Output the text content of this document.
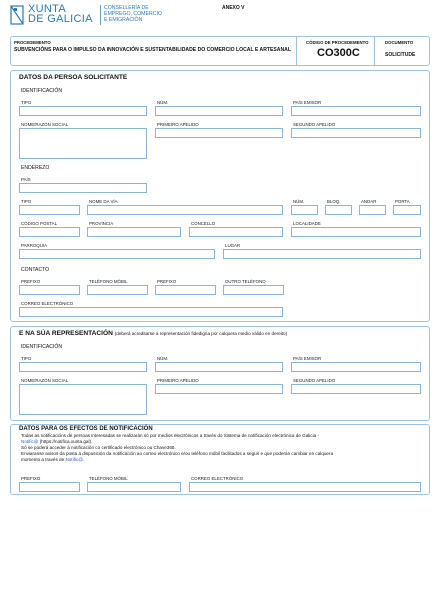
XUNTA
DE GALICIA
CONSELLERÍA DE
EMPREGO, COMERCIO
E EMIGRACIÓN
ANEXO V
PROCEDEMENTO
SUBVENCIÓNS PARA O IMPULSO DA INNOVACIÓN E SUSTENTABILIDADE DO COMERCIO LOCAL E ARTESANAL
CÓDIGO DE PROCEDEMENTO
CO300C
DOCUMENTO
SOLICITUDE
DATOS DA PERSOA SOLICITANTE
IDENTIFICACIÓN
TIPO	NÚM.	PAÍS EMISOR
NOME/RAZÓN SOCIAL	PRIMEIRO APELIDO	SEGUNDO APELIDO
ENDEREZO
PAÍS
TIPO	NOME DA VÍA	NÚM.	BLOQ.	ANDAR	PORTA
CÓDIGO POSTAL	PROVINCIA	CONCELLO	LOCALIDADE
PARROQUIA	LUGAR
CONTACTO
PREFIXO	TELÉFONO MÓBIL	PREFIXO	OUTRO TELÉFONO
CORREO ELECTRÓNICO
E NA SÚA REPRESENTACIÓN (deberá acreditarse a representación fidedigna por calquera medio válido en dereito)
IDENTIFICACIÓN
TIPO	NÚM.	PAÍS EMISOR
NOME/RAZÓN SOCIAL	PRIMEIRO APELIDO	SEGUNDO APELIDO
DATOS PARA OS EFECTOS DE NOTIFICACIÓN
Todas as notificacións de persoas interesadas se realizarán só por medios electrónicos a través do Sistema de notificación electrónica de Galicia -
Notific@ (https://notifica.xunta.gal).
Só se poderá acceder á notificación co certificado electrónico ou Chave365.
Enviaranse avisos da posta á disposición da notificación ao correo electrónico e/ou teléfono móbil facilitados a seguir e que poderán cambiar en calquera
momento a través de Notific@.
PREFIXO	TELÉFONO MÓBIL	CORREO ELECTRÓNICO
